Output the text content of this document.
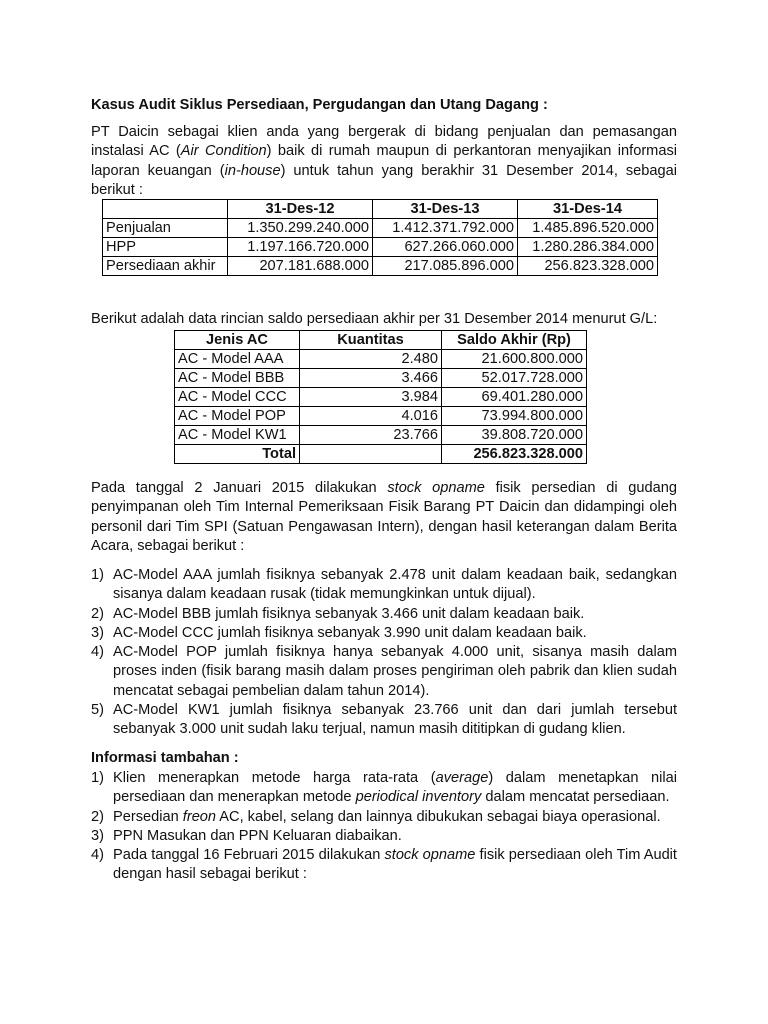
Kasus Audit Siklus Persediaan, Pergudangan dan Utang Dagang :
PT Daicin sebagai klien anda yang bergerak di bidang penjualan dan pemasangan instalasi AC (Air Condition) baik di rumah maupun di perkantoran menyajikan informasi laporan keuangan (in-house) untuk tahun yang berakhir 31 Desember 2014, sebagai berikut :
	31-Des-12	31-Des-13	31-Des-14
Penjualan	1.350.299.240.000	1.412.371.792.000	1.485.896.520.000
HPP	1.197.166.720.000	627.266.060.000	1.280.286.384.000
Persediaan akhir	207.181.688.000	217.085.896.000	256.823.328.000
Berikut adalah data rincian saldo persediaan akhir per 31 Desember 2014 menurut G/L:
Jenis AC	Kuantitas	Saldo Akhir (Rp)
AC - Model AAA	2.480	21.600.800.000
AC - Model BBB	3.466	52.017.728.000
AC - Model CCC	3.984	69.401.280.000
AC - Model POP	4.016	73.994.800.000
AC - Model KW1	23.766	39.808.720.000
Total		256.823.328.000
Pada tanggal 2 Januari 2015 dilakukan stock opname fisik persedian di gudang penyimpanan oleh Tim Internal Pemeriksaan Fisik Barang PT Daicin dan didampingi oleh personil dari Tim SPI (Satuan Pengawasan Intern), dengan hasil keterangan dalam Berita Acara, sebagai berikut :
1) AC-Model AAA jumlah fisiknya sebanyak 2.478 unit dalam keadaan baik, sedangkan sisanya dalam keadaan rusak (tidak memungkinkan untuk dijual).
2) AC-Model BBB jumlah fisiknya sebanyak 3.466 unit dalam keadaan baik.
3) AC-Model CCC jumlah fisiknya sebanyak 3.990 unit dalam keadaan baik.
4) AC-Model POP jumlah fisiknya hanya sebanyak 4.000 unit, sisanya masih dalam proses inden (fisik barang masih dalam proses pengiriman oleh pabrik dan klien sudah mencatat sebagai pembelian dalam tahun 2014).
5) AC-Model KW1 jumlah fisiknya sebanyak 23.766 unit dan dari jumlah tersebut sebanyak 3.000 unit sudah laku terjual, namun masih dititipkan di gudang klien.
Informasi tambahan :
1) Klien menerapkan metode harga rata-rata (average) dalam menetapkan nilai persediaan dan menerapkan metode periodical inventory dalam mencatat persediaan.
2) Persedian freon AC, kabel, selang dan lainnya dibukukan sebagai biaya operasional.
3) PPN Masukan dan PPN Keluaran diabaikan.
4) Pada tanggal 16 Februari 2015 dilakukan stock opname fisik persediaan oleh Tim Audit dengan hasil sebagai berikut :
